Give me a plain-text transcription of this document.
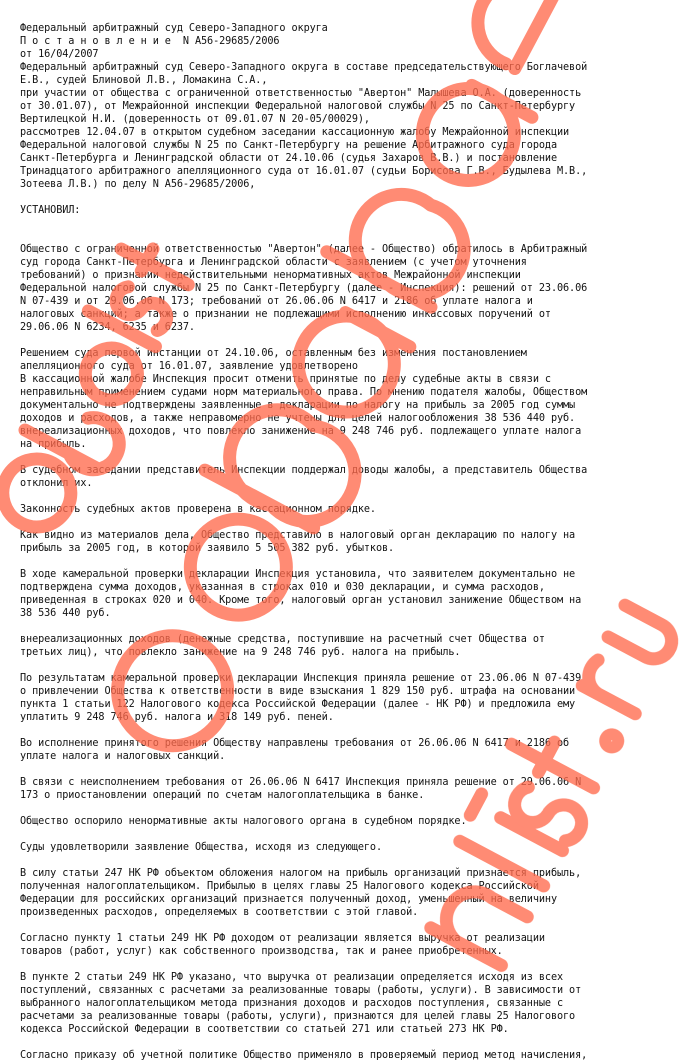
Федеральный арбитражный суд Северо-Западного округа
П о с т а н о в л е н и е  N А56-29685/2006
от 16/04/2007
Федеральный арбитражный суд Северо-Западного округа в составе председательствующего Боглачевой
Е.В., судей Блиновой Л.В., Ломакина С.А.,
при участии от общества с ограниченной ответственностью "Авертон" Малышева О.А. (доверенность
от 30.01.07), от Межрайонной инспекции Федеральной налоговой службы N 25 по Санкт-Петербургу
Вертилецкой Н.И. (доверенность от 09.01.07 N 20-05/00029),
рассмотрев 12.04.07 в открытом судебном заседании кассационную жалобу Межрайонной инспекции
Федеральной налоговой службы N 25 по Санкт-Петербургу на решение Арбитражного суда города
Санкт-Петербурга и Ленинградской области от 24.10.06 (судья Захаров В.В.) и постановление
Тринадцатого арбитражного апелляционного суда от 16.01.07 (судьи Борисова Г.В., Будылева М.В.,
Зотеева Л.В.) по делу N А56-29685/2006,
УСТАНОВИЛ:
Общество с ограниченной ответственностью "Авертон" (далее - Общество) обратилось в Арбитражный
суд города Санкт-Петербурга и Ленинградской области с заявлением (с учетом уточнения
требований) о признании недействительными ненормативных актов Межрайонной инспекции
Федеральной налоговой службы N 25 по Санкт-Петербургу (далее - Инспекция): решений от 23.06.06
N 07-439 и от 29.06.06 N 173; требований от 26.06.06 N 6417 и 2186 об уплате налога и
налоговых санкций; а также о признании не подлежащими исполнению инкассовых поручений от
29.06.06 N 6234, 6235 и 6237.
Решением суда первой инстанции от 24.10.06, оставленным без изменения постановлением
апелляционного суда от 16.01.07, заявление удовлетворено
В кассационной жалобе Инспекция просит отменить принятые по делу судебные акты в связи с
неправильным применением судами норм материального права. По мнению подателя жалобы, Обществом
документально не подтверждены заявленные в декларации по налогу на прибыль за 2005 год суммы
доходов и расходов, а также неправомерно не учтены для целей налогообложения 38 536 440 руб.
внереализационных доходов, что повлекло занижение на 9 248 746 руб. подлежащего уплате налога
на прибыль.
В судебном заседании представитель Инспекции поддержал доводы жалобы, а представитель Общества
отклонил их.
Законность судебных актов проверена в кассационном порядке.
Как видно из материалов дела, Общество представило в налоговый орган декларацию по налогу на
прибыль за 2005 год, в которой заявило 5 505 382 руб. убытков.
В ходе камеральной проверки декларации Инспекция установила, что заявителем документально не
подтверждена сумма доходов, указанная в строках 010 и 030 декларации, и сумма расходов,
приведенная в строках 020 и 040. Кроме того, налоговый орган установил занижение Обществом на
38 536 440 руб.
внереализационных доходов (денежные средства, поступившие на расчетный счет Общества от
третьих лиц), что повлекло занижение на 9 248 746 руб. налога на прибыль.
По результатам камеральной проверки декларации Инспекция приняла решение от 23.06.06 N 07-439
о привлечении Общества к ответственности в виде взыскания 1 829 150 руб. штрафа на основании
пункта 1 статьи 122 Налогового кодекса Российской Федерации (далее - НК РФ) и предложила ему
уплатить 9 248 746 руб. налога и 318 149 руб. пеней.
Во исполнение принятого решения Обществу направлены требования от 26.06.06 N 6417 и 2186 об
уплате налога и налоговых санкций.
В связи с неисполнением требования от 26.06.06 N 6417 Инспекция приняла решение от 29.06.06 N
173 о приостановлении операций по счетам налогоплательщика в банке.
Общество оспорило ненормативные акты налогового органа в судебном порядке.
Суды удовлетворили заявление Общества, исходя из следующего.
В силу статьи 247 НК РФ объектом обложения налогом на прибыль организаций признается прибыль,
полученная налогоплательщиком. Прибылью в целях главы 25 Налогового кодекса Российской
Федерации для российских организаций признается полученный доход, уменьшенный на величину
произведенных расходов, определяемых в соответствии с этой главой.
Согласно пункту 1 статьи 249 НК РФ доходом от реализации является выручка от реализации
товаров (работ, услуг) как собственного производства, так и ранее приобретенных.
В пункте 2 статьи 249 НК РФ указано, что выручка от реализации определяется исходя из всех
поступлений, связанных с расчетами за реализованные товары (работы, услуги). В зависимости от
выбранного налогоплательщиком метода признания доходов и расходов поступления, связанные с
расчетами за реализованные товары (работы, услуги), признаются для целей главы 25 Налогового
кодекса Российской Федерации в соответствии со статьей 271 или статьей 273 НК РФ.
Согласно приказу об учетной политике Общество применяло в проверяемый период метод начисления,
